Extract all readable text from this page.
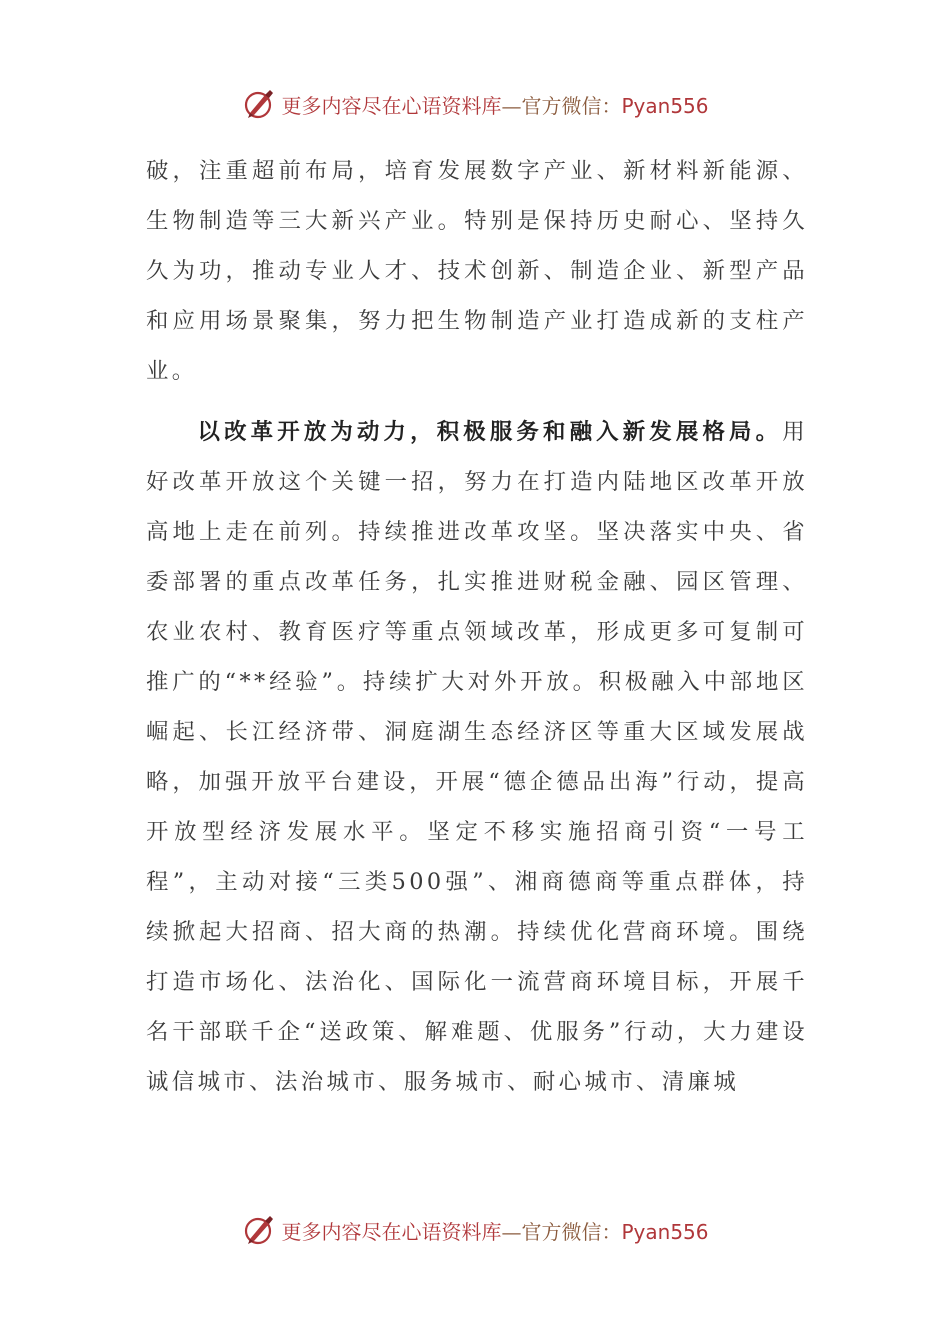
更多内容尽在心语资料库—官方微信：Pyan556

破，注重超前布局，培育发展数字产业、新材料新能源、生物制造等三大新兴产业。特别是保持历史耐心、坚持久久为功，推动专业人才、技术创新、制造企业、新型产品和应用场景聚集，努力把生物制造产业打造成新的支柱产业。

以改革开放为动力，积极服务和融入新发展格局。用好改革开放这个关键一招，努力在打造内陆地区改革开放高地上走在前列。持续推进改革攻坚。坚决落实中央、省委部署的重点改革任务，扎实推进财税金融、园区管理、农业农村、教育医疗等重点领域改革，形成更多可复制可推广的“**经验”。持续扩大对外开放。积极融入中部地区崛起、长江经济带、洞庭湖生态经济区等重大区域发展战略，加强开放平台建设，开展“德企德品出海”行动，提高开放型经济发展水平。坚定不移实施招商引资“一号工程”，主动对接“三类500强”、湘商德商等重点群体，持续掀起大招商、招大商的热潮。持续优化营商环境。围绕打造市场化、法治化、国际化一流营商环境目标，开展千名干部联千企“送政策、解难题、优服务”行动，大力建设诚信城市、法治城市、服务城市、耐心城市、清廉城

更多内容尽在心语资料库—官方微信：Pyan556
